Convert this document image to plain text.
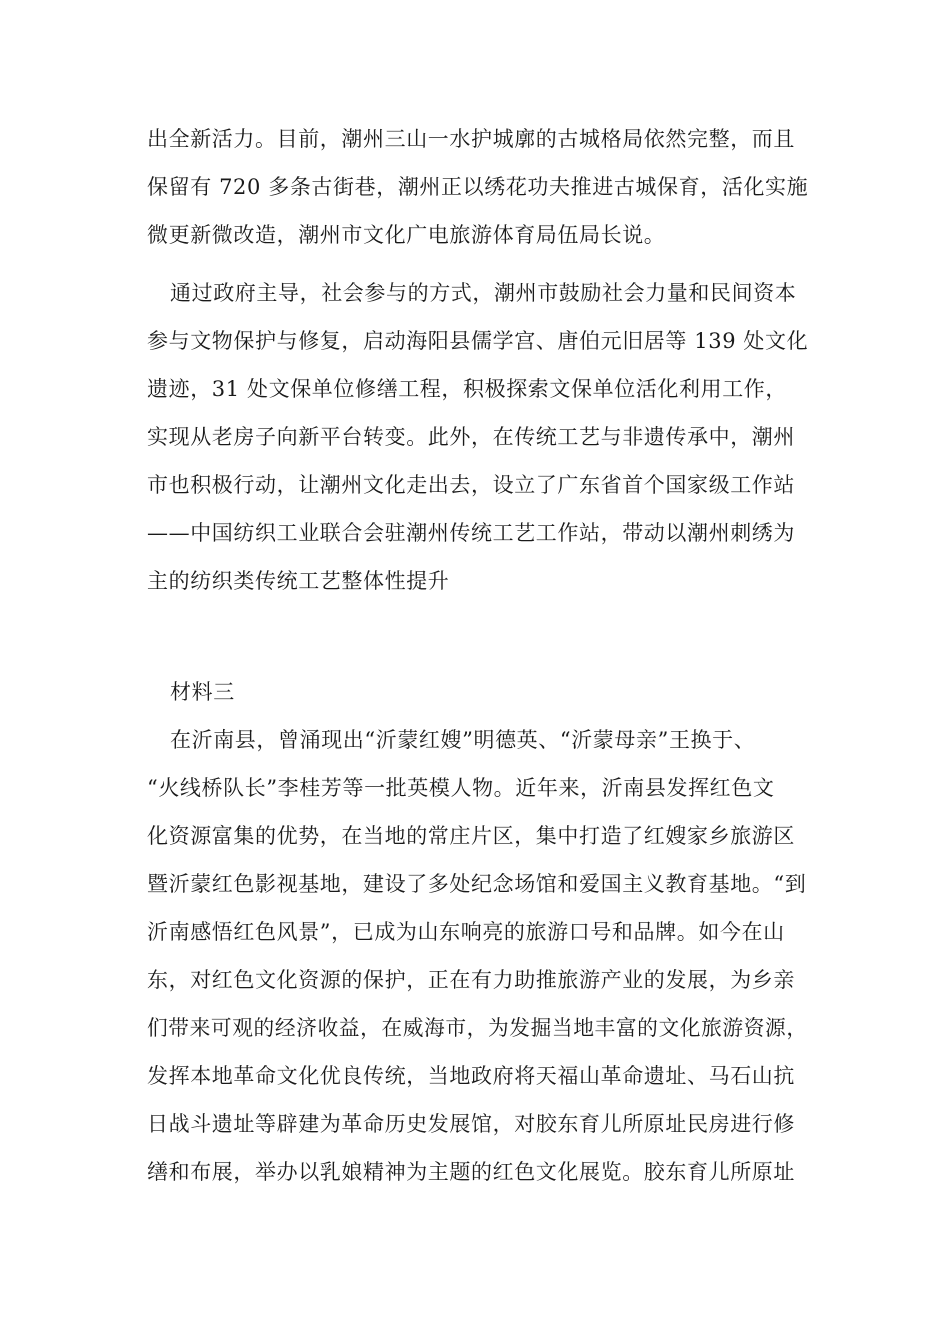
出全新活力。目前，潮州三山一水护城廓的古城格局依然完整，而且
保留有 720 多条古街巷，潮州正以绣花功夫推进古城保育，活化实施
微更新微改造，潮州市文化广电旅游体育局伍局长说。
通过政府主导，社会参与的方式，潮州市鼓励社会力量和民间资本
参与文物保护与修复，启动海阳县儒学宫、唐伯元旧居等 139 处文化
遗迹，31 处文保单位修缮工程，积极探索文保单位活化利用工作，
实现从老房子向新平台转变。此外，在传统工艺与非遗传承中，潮州
市也积极行动，让潮州文化走出去，设立了广东省首个国家级工作站
——中国纺织工业联合会驻潮州传统工艺工作站，带动以潮州刺绣为
主的纺织类传统工艺整体性提升
材料三
在沂南县，曾涌现出“沂蒙红嫂”明德英、“沂蒙母亲”王换于、
“火线桥队长”李桂芳等一批英模人物。近年来，沂南县发挥红色文
化资源富集的优势，在当地的常庄片区，集中打造了红嫂家乡旅游区
暨沂蒙红色影视基地，建设了多处纪念场馆和爱国主义教育基地。“到
沂南感悟红色风景”，已成为山东响亮的旅游口号和品牌。如今在山
东，对红色文化资源的保护，正在有力助推旅游产业的发展，为乡亲
们带来可观的经济收益，在威海市，为发掘当地丰富的文化旅游资源，
发挥本地革命文化优良传统，当地政府将天福山革命遗址、马石山抗
日战斗遗址等辟建为革命历史发展馆，对胶东育儿所原址民房进行修
缮和布展，举办以乳娘精神为主题的红色文化展览。胶东育儿所原址
